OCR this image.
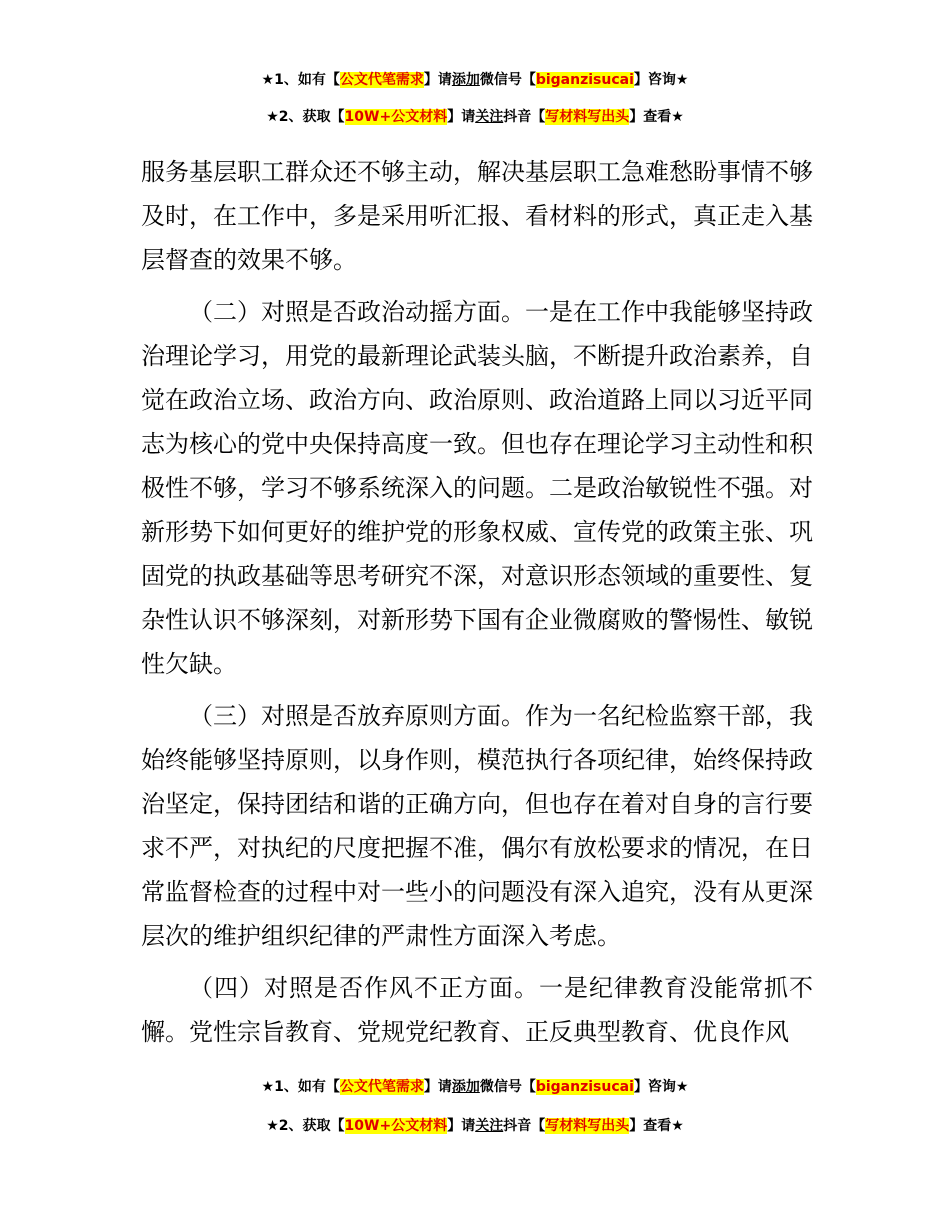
★1、如有【公文代笔需求】请添加微信号【biganzisucai】咨询★
★2、获取【10W+公文材料】请关注抖音【写材料写出头】查看★

服务基层职工群众还不够主动，解决基层职工急难愁盼事情不够及时，在工作中，多是采用听汇报、看材料的形式，真正走入基层督查的效果不够。

（二）对照是否政治动摇方面。一是在工作中我能够坚持政治理论学习，用党的最新理论武装头脑，不断提升政治素养，自觉在政治立场、政治方向、政治原则、政治道路上同以习近平同志为核心的党中央保持高度一致。但也存在理论学习主动性和积极性不够，学习不够系统深入的问题。二是政治敏锐性不强。对新形势下如何更好的维护党的形象权威、宣传党的政策主张、巩固党的执政基础等思考研究不深，对意识形态领域的重要性、复杂性认识不够深刻，对新形势下国有企业微腐败的警惕性、敏锐性欠缺。

（三）对照是否放弃原则方面。作为一名纪检监察干部，我始终能够坚持原则，以身作则，模范执行各项纪律，始终保持政治坚定，保持团结和谐的正确方向，但也存在着对自身的言行要求不严，对执纪的尺度把握不准，偶尔有放松要求的情况，在日常监督检查的过程中对一些小的问题没有深入追究，没有从更深层次的维护组织纪律的严肃性方面深入考虑。

（四）对照是否作风不正方面。一是纪律教育没能常抓不懈。党性宗旨教育、党规党纪教育、正反典型教育、优良作风

★1、如有【公文代笔需求】请添加微信号【biganzisucai】咨询★
★2、获取【10W+公文材料】请关注抖音【写材料写出头】查看★
